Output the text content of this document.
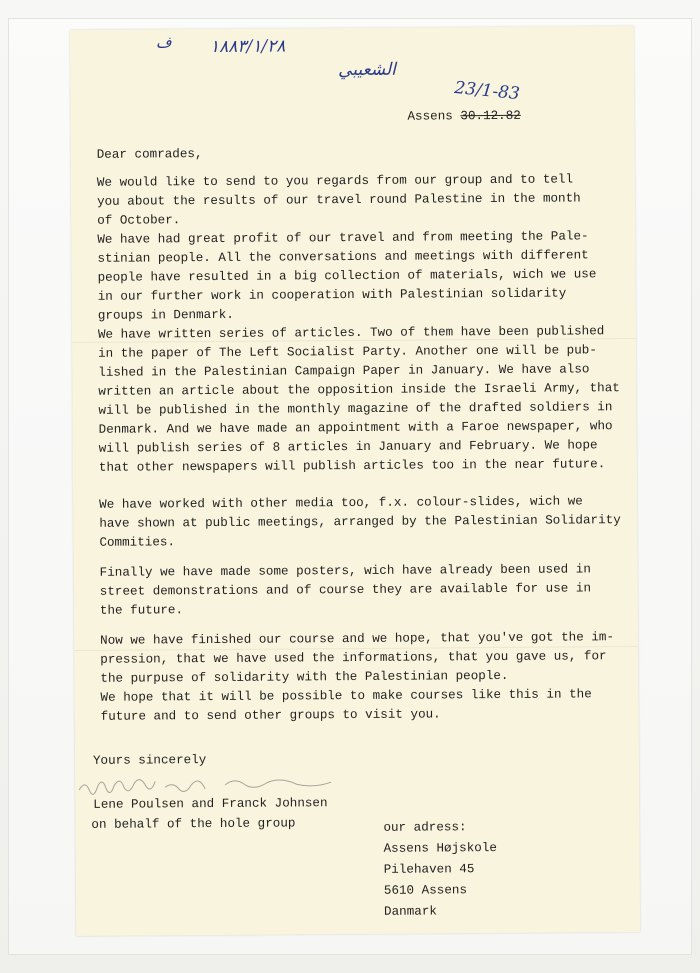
ف ١٨٨٣/١/٢٨
الشعيبي
23/1-83
Assens 30.12.82
Dear comrades,

We would like to send to you regards from our group and to tell

you about the results of our travel round Palestine in the month

of October.

We have had great profit of our travel and from meeting the Pale-

stinian people. All the conversations and meetings with different

people have resulted in a big collection of materials, wich we use

in our further work in cooperation with Palestinian solidarity

groups in Denmark.

We have written series of articles. Two of them have been published

in the paper of The Left Socialist Party. Another one will be pub-

lished in the Palestinian Campaign Paper in January. We have also

written an article about the opposition inside the Israeli Army, that

will be published in the monthly magazine of the drafted soldiers in

Denmark. And we have made an appointment with a Faroe newspaper, who

will publish series of 8 articles in January and February. We hope

that other newspapers will publish articles too in the near future.

We have worked with other media too, f.x. colour-slides, wich we

have shown at public meetings, arranged by the Palestinian Solidarity

Commities.

Finally we have made some posters, wich have already been used in

street demonstrations and of course they are available for use in

the future.

Now we have finished our course and we hope, that you've got the im-

pression, that we have used the informations, that you gave us, for

the purpuse of solidarity with the Palestinian people.

We hope that it will be possible to make courses like this in the

future and to send other groups to visit you.

Yours sincerely
Lene Poulsen and Franck Johnsen
on behalf of the hole group	our adress:

Assens Højskole

Pilehaven 45

5610 Assens

Danmark
